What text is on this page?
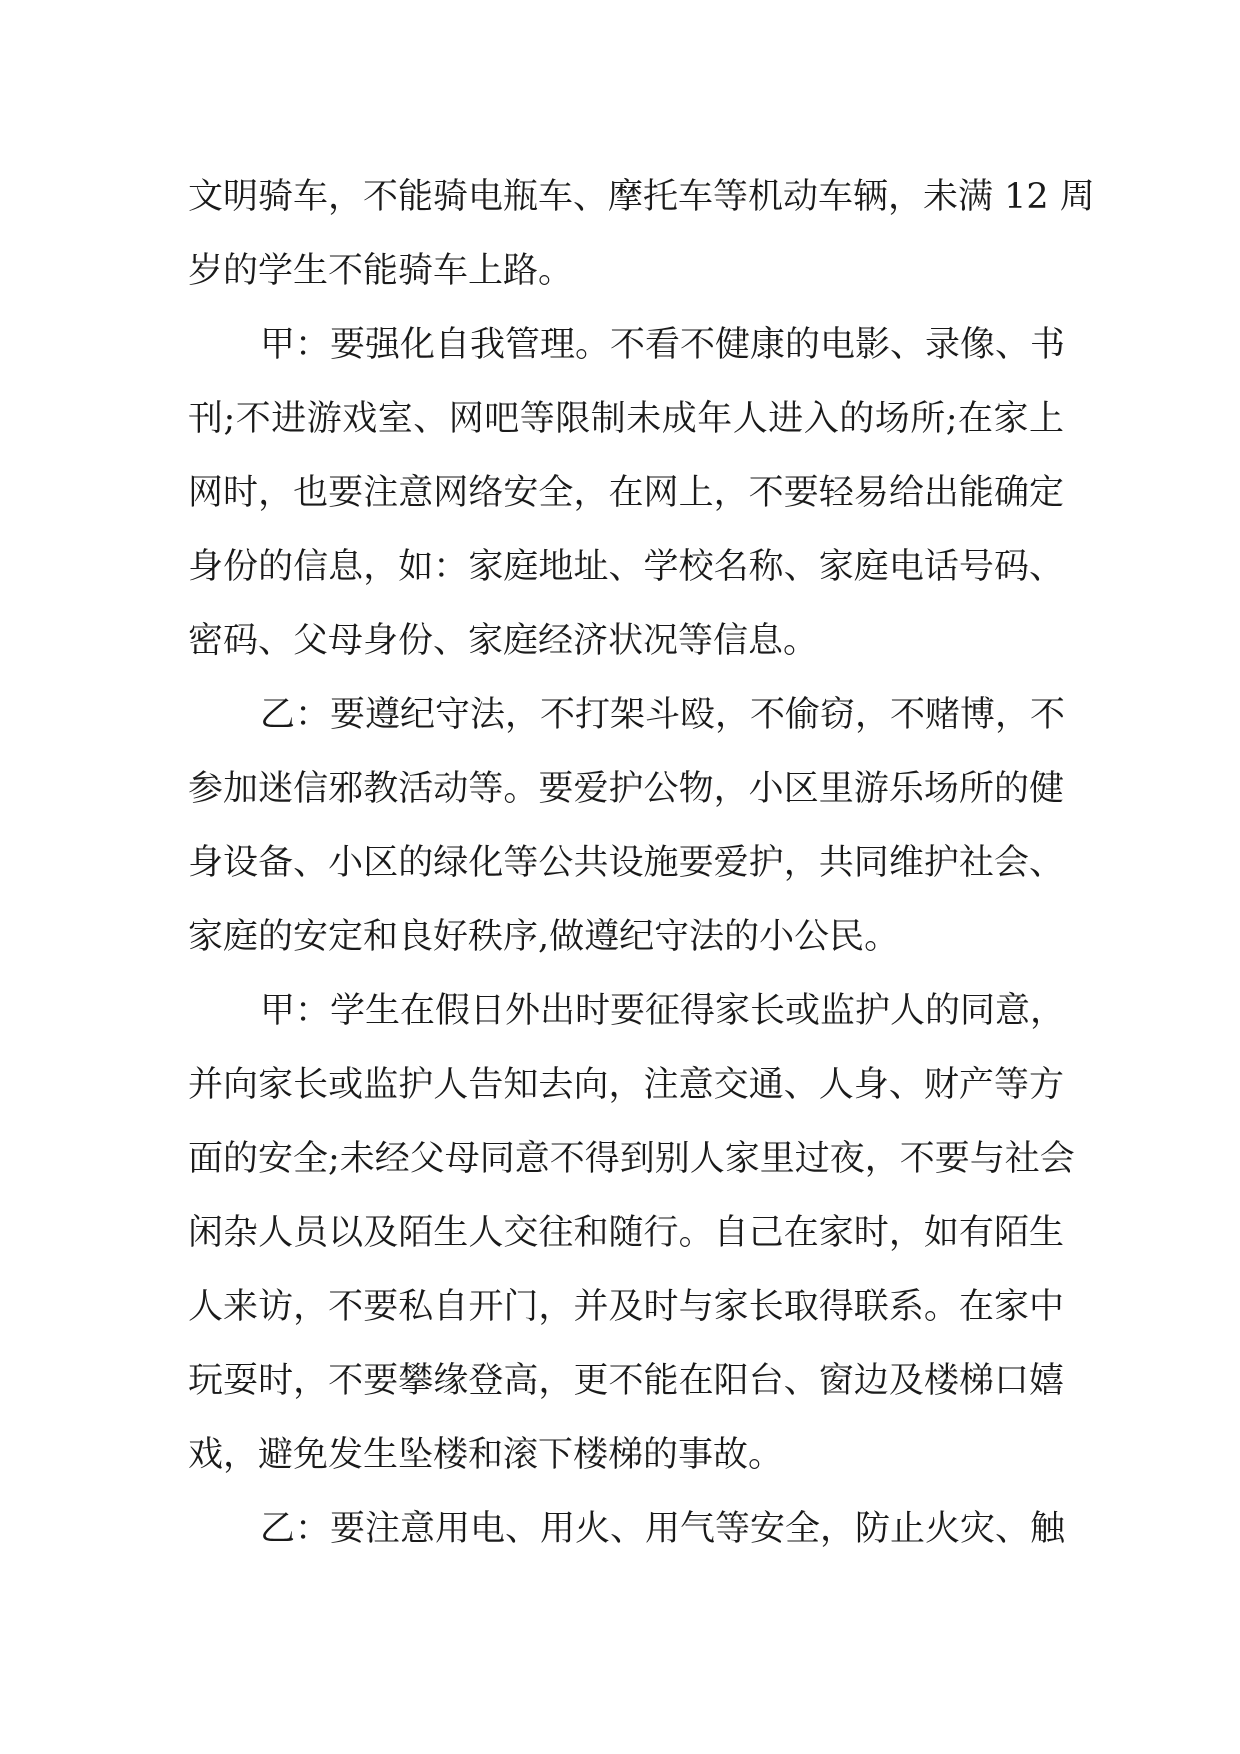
文明骑车，不能骑电瓶车、摩托车等机动车辆，未满 12 周
岁的学生不能骑车上路。

甲：要强化自我管理。不看不健康的电影、录像、书
刊;不进游戏室、网吧等限制未成年人进入的场所;在家上
网时，也要注意网络安全，在网上，不要轻易给出能确定
身份的信息，如：家庭地址、学校名称、家庭电话号码、
密码、父母身份、家庭经济状况等信息。

乙：要遵纪守法，不打架斗殴，不偷窃，不赌博，不
参加迷信邪教活动等。要爱护公物，小区里游乐场所的健
身设备、小区的绿化等公共设施要爱护，共同维护社会、
家庭的安定和良好秩序,做遵纪守法的小公民。

甲：学生在假日外出时要征得家长或监护人的同意，
并向家长或监护人告知去向，注意交通、人身、财产等方
面的安全;未经父母同意不得到别人家里过夜，不要与社会
闲杂人员以及陌生人交往和随行。自己在家时，如有陌生
人来访，不要私自开门，并及时与家长取得联系。在家中
玩耍时，不要攀缘登高，更不能在阳台、窗边及楼梯口嬉
戏，避免发生坠楼和滚下楼梯的事故。

乙：要注意用电、用火、用气等安全，防止火灾、触
